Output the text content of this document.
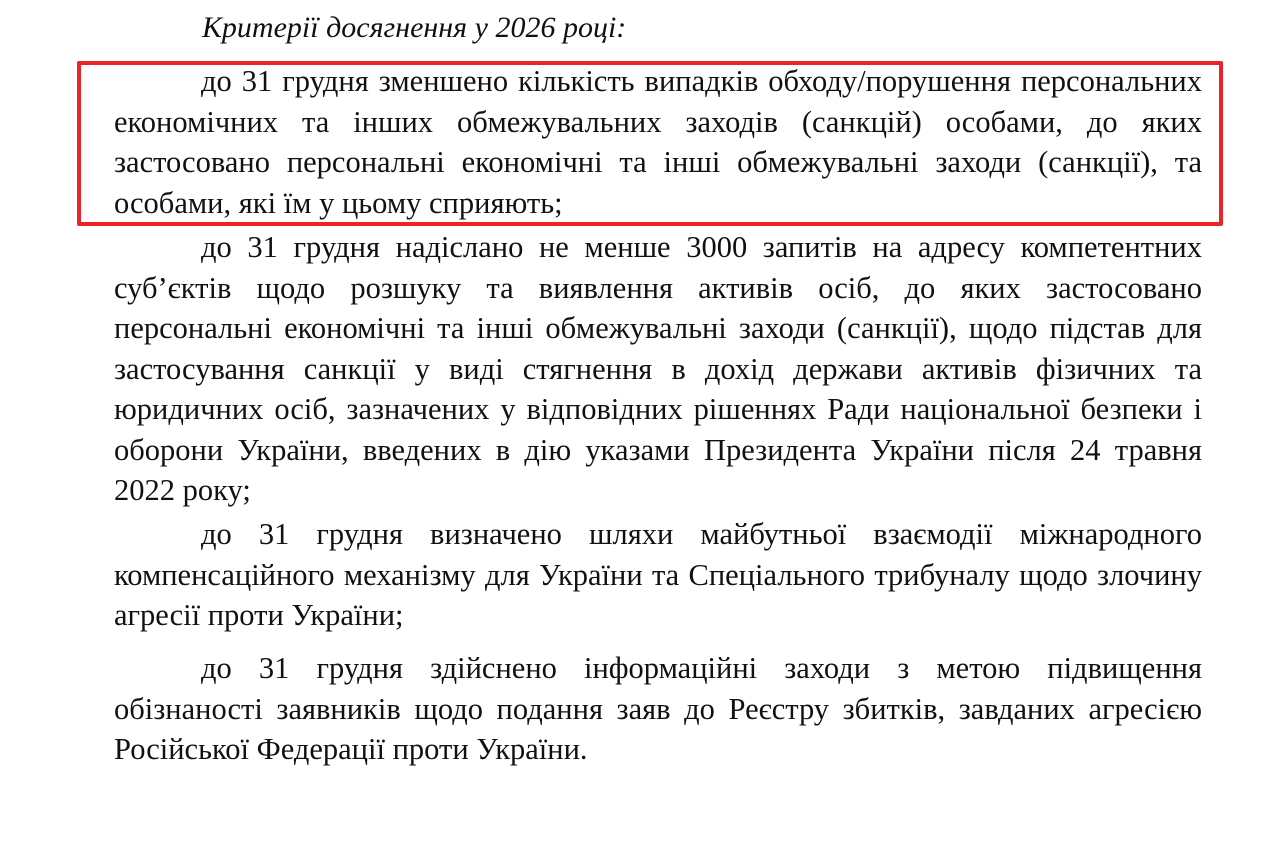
Критерії досягнення у 2026 році:

до 31 грудня зменшено кількість випадків обходу/порушення персональних економічних та інших обмежувальних заходів (санкцій) особами, до яких застосовано персональні економічні та інші обмежувальні заходи (санкції), та особами, які їм у цьому сприяють;

до 31 грудня надіслано не менше 3000 запитів на адресу компетентних суб’єктів щодо розшуку та виявлення активів осіб, до яких застосовано персональні економічні та інші обмежувальні заходи (санкції), щодо підстав для застосування санкції у виді стягнення в дохід держави активів фізичних та юридичних осіб, зазначених у відповідних рішеннях Ради національної безпеки і оборони України, введених в дію указами Президента України після 24 травня 2022 року;

до 31 грудня визначено шляхи майбутньої взаємодії міжнародного компенсаційного механізму для України та Спеціального трибуналу щодо злочину агресії проти України;

до 31 грудня здійснено інформаційні заходи з метою підвищення обізнаності заявників щодо подання заяв до Реєстру збитків, завданих агресією Російської Федерації проти України.
